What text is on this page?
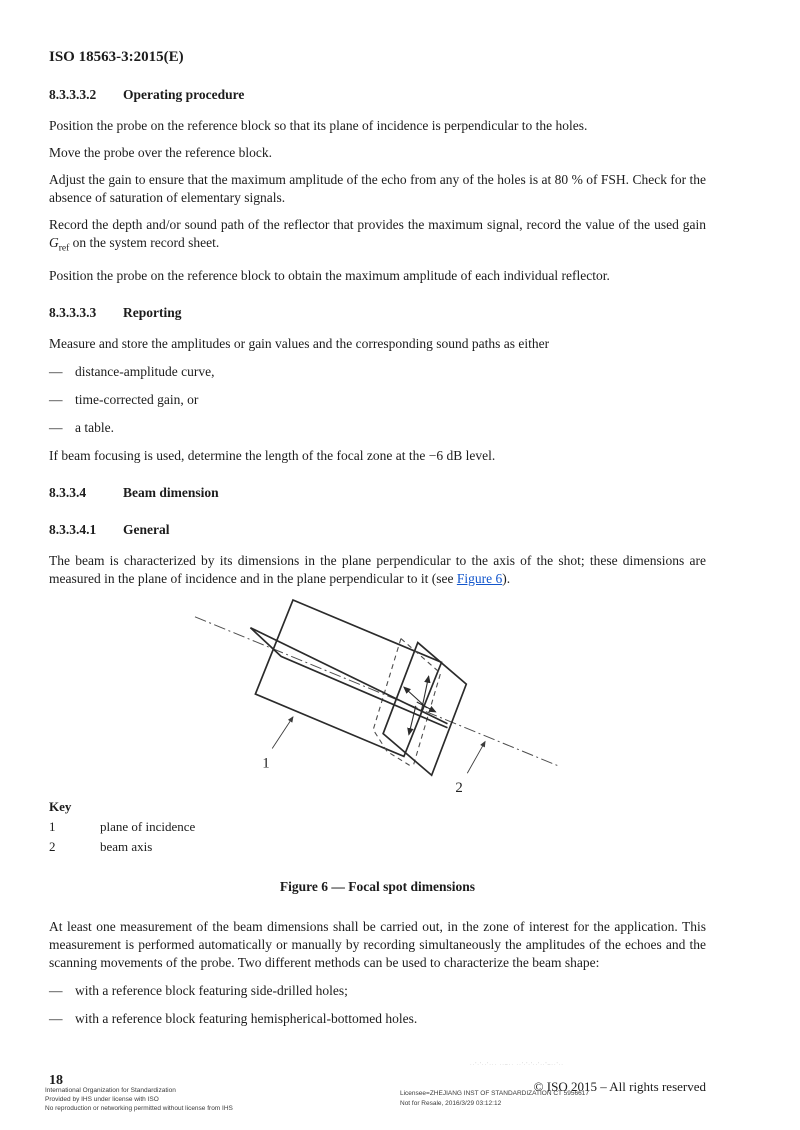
ISO 18563-3:2015(E)
8.3.3.3.2 Operating procedure

Position the probe on the reference block so that its plane of incidence is perpendicular to the holes.

Move the probe over the reference block.

Adjust the gain to ensure that the maximum amplitude of the echo from any of the holes is at 80 % of FSH. Check for the absence of saturation of elementary signals.

Record the depth and/or sound path of the reflector that provides the maximum signal, record the value of the used gain $G_{ref}$ on the system record sheet.

Position the probe on the reference block to obtain the maximum amplitude of each individual reflector.

8.3.3.3.3 Reporting

Measure and store the amplitudes or gain values and the corresponding sound paths as either

— distance-amplitude curve,
— time-corrected gain, or
— a table.

If beam focusing is used, determine the length of the focal zone at the −6 dB level.

8.3.3.4	Beam dimension
8.3.3.4.1 General

The beam is characterized by its dimensions in the plane perpendicular to the axis of the shot; these dimensions are measured in the plane of incidence and in the plane perpendicular to it (see Figure 6).

1
2
Key
1	plane of incidence
2	beam axis
Figure 6 — Focal spot dimensions

At least one measurement of the beam dimensions shall be carried out, in the zone of interest for the application. This measurement is performed automatically or manually by recording simultaneously the amplitudes of the echoes and the scanning movements of the probe. Two different methods can be used to characterize the beam shape:

— with a reference block featuring side-drilled holes;
— with a reference block featuring hemispherical-bottomed holes.
··'·'··'··· ··–·· ··'·'·'··'··'–··'··
18
International Organization for Standardization
Provided by IHS under license with ISO
No reproduction or networking permitted without license from IHS
Licensee=ZHEJIANG INST OF STANDARDIZATION CT 5956617
Not for Resale, 2016/3/29 03:12:12
© ISO 2015 – All rights reserved
